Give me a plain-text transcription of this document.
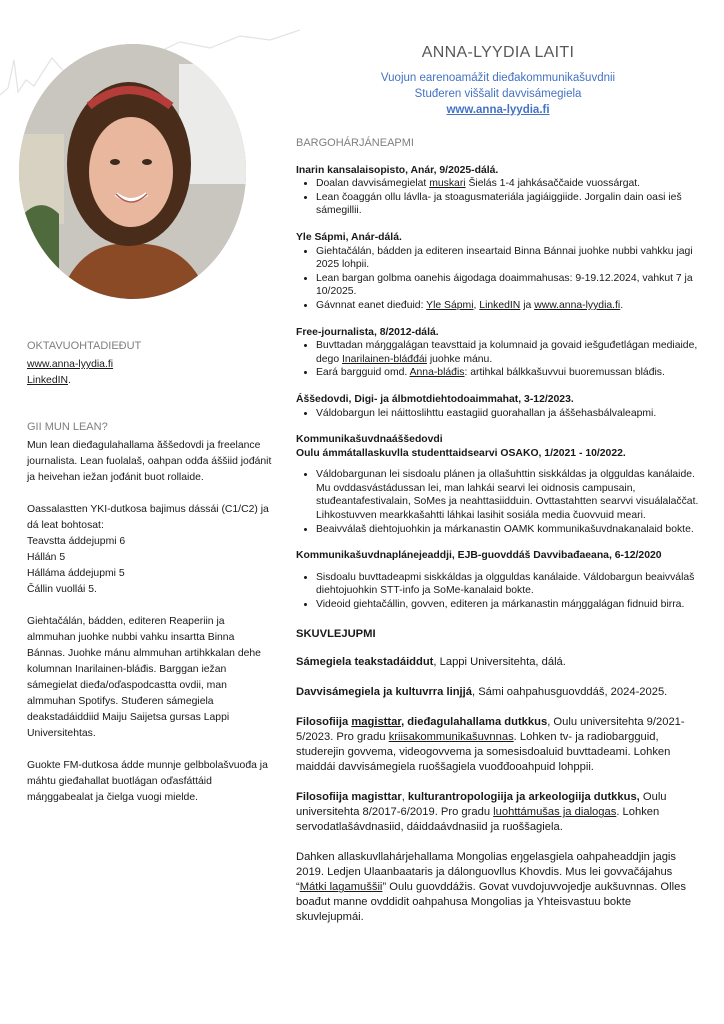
ANNA-LYYDIA LAITI
Vuojun earenoamážit dieđakommunikašuvdnii
Stuđeren viššalit davvisámegiela
www.anna-lyydia.fi
OKTAVUOHTADIEĐUT
www.anna-lyydia.fi
LinkedIN.
GII MUN LEAN?
Mun lean dieđagulahallama ăššedovdi ja freelance journalista. Lean fuolalaš, oahpan odđa áššiid jođánit ja heivehan iežan jođánit buot rollaide.
Oassalastten YKI-dutkosa bajimus dássái (C1/C2) ja dá leat bohtosat:
Teavstta áddejupmi 6
Hállán 5
Hálláma áddejupmi 5
Čállin vuollái 5.
Giehtačálán, bádden, editeren Reaperiin ja almmuhan juohke nubbi vahku insartta Binna Bánnas. Juohke mánu almmuhan artihkkalan dehe kolumnan Inarilainen-bláđis. Barggan iežan sámegielat dieđa/oďaspodcastta ovdii, man almmuhan Spotifys. Stuđeren sámegiela deakstadáiddiid Maiju Saijetsa gursas Lappi Universitehtas.
Guokte FM-dutkosa ádde munnje gelbbolašvuođa ja máhtu gieđahallat buotlágan oďasfáttáid máŋggabealat ja čielga vuogi mielde.
BARGOHÁRJÁNEAPMI
Inarin kansalaisopisto, Anár, 9/2025-dálá.
• Doalan davvisámegielat muskari Šielás 1-4 jahkásaččaide vuossárgat.
• Lean čoaggán ollu lávlla- ja stoagusmateriála jagiáiggiide. Jorgalin dain oasi ieš sámegillii.
Yle Sápmi, Anár-dálá.
• Giehtačálán, bádden ja editeren inseartaid Binna Bánnai juohke nubbi vahkku jagi 2025 lohpii.
• Lean bargan golbma oanehis áigodaga doaimmahusas: 9-19.12.2024, vahkut 7 ja 10/2025.
• Gávnnat eanet dieđuid: Yle Sápmi, LinkedIN ja www.anna-lyydia.fi.
Free-journalista, 8/2012-dálá.
• Buvttadan máŋggalágan teavsttaid ja kolumnaid ja govaid iešguđetlágan mediaide, dego Inarilainen-bláđđái juohke mánu.
• Eará bargguid omd. Anna-bláđis: artihkal bálkkašuvvui buoremussan bláđis.
Áššedovdi, Digi- ja álbmotdiehtodoaimmahat, 3-12/2023.
• Váldobargun lei náittoslihttu eastagiid guorahallan ja áššehasbálvaleapmi.
Kommunikašuvdnaáššedovdi
Oulu ámmátallaskuvlla studenttaidsearvi OSAKO, 1/2021 - 10/2022.
• Váldobargunan lei sisdoalu plánen ja ollašuhttin siskkáldas ja olgguldas kanálaide. Mu ovddasvástádussan lei, man lahkái searvi lei oidnosis campusain, stuđeantafestivalain, SoMes ja neahttasiidduin. Ovttastahtten searvvi visuálalaččat. Lihkostuvven mearkkašahtti láhkai lasihit sosiála media čuovvuid meari.
• Beaivválaš diehtojuohkin ja márkanastin OAMK kommunikašuvdnakanalaid bokte.
Kommunikašuvdnaplánejeaddji, EJB-guovddáš Davvibađaeana, 6-12/2020
• Sisdoalu buvttadeapmi siskkáldas ja olgguldas kanálaide. Váldobargun beaivválaš diehtojuohkin STT-info ja SoMe-kanalaid bokte.
• Videoid giehtačállin, govven, editeren ja márkanastin máŋggalágan fidnuid birra.
SKUVLEJUPMI
Sámegiela teakstadáiddut, Lappi Universitehta, dálá.
Davvisámegiela ja kultuvrra linjjá, Sámi oahpahusguovddáš, 2024-2025.
Filosofiija magisttar, dieđagulahallama dutkkus, Oulu universitehta 9/2021-5/2023. Pro gradu kriisakommunikašuvnnas. Lohken tv- ja radiobargguid, studerejin govvema, videogovvema ja somesisdoaluid buvttadeami. Lohken maiddái davvisámegiela ruoššagiela vuođđooahpuid lohppii.
Filosofiija magisttar, kulturantropologiija ja arkeologiija dutkkus, Oulu universitehta 8/2017-6/2019. Pro gradu luohttámušas ja dialogas. Lohken servodatlašávdnasiid, dáiddaávdnasiid ja ruoššagiela.
Dahken allaskuvllahárjehallama Mongolias eŋgelasgiela oahpaheaddjin jagis 2019. Ledjen Ulaanbaataris ja dálonguovllus Khovdis. Mus lei govvačájahus “Mátki lagamuššii” Oulu guovddážis. Govat vuvdojuvvojedje aukšuvnnas. Olles boađut manne ovddidit oahpahusa Mongolias ja Yhteisvastuu bokte skuvlejupmái.
